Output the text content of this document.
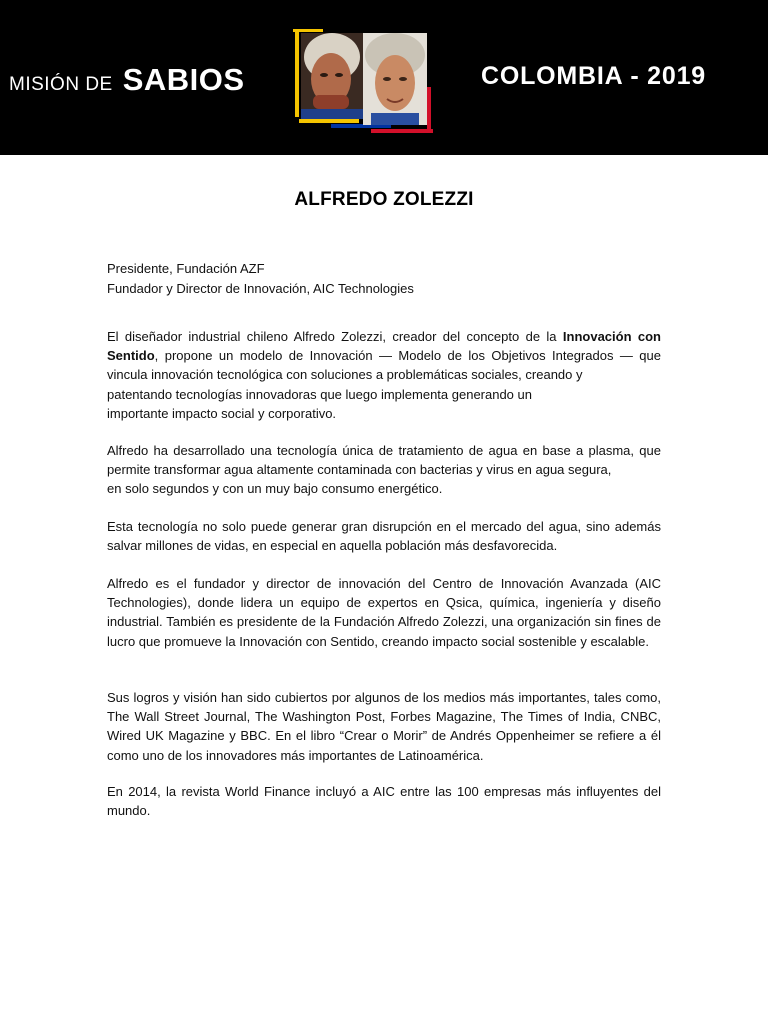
MISIÓN DE SABIOS	COLOMBIA - 2019
ALFREDO ZOLEZZI
Presidente, Fundación AZF
Fundador y Director de Innovación, AIC Technologies

El diseñador industrial chileno Alfredo Zolezzi, creador del concepto de la Innovación con Sentido, propone un modelo de Innovación — Modelo de los Objetivos Integrados — que vincula innovación tecnológica con soluciones a problemáticas sociales, creando y
patentando tecnologías innovadoras que luego implementa generando un
importante impacto social y corporativo.

Alfredo ha desarrollado una tecnología única de tratamiento de agua en base a plasma, que permite transformar agua altamente contaminada con bacterias y virus en agua segura,
en solo segundos y con un muy bajo consumo energético.

Esta tecnología no solo puede generar gran disrupción en el mercado del agua, sino además salvar millones de vidas, en especial en aquella población más desfavorecida.

Alfredo es el fundador y director de innovación del Centro de Innovación Avanzada (AIC Technologies), donde lidera un equipo de expertos en Qsica, química, ingeniería y diseño industrial. También es presidente de la Fundación Alfredo Zolezzi, una organización sin fines de lucro que promueve la Innovación con Sentido, creando impacto social sostenible y escalable.

Sus logros y visión han sido cubiertos por algunos de los medios más importantes, tales como, The Wall Street Journal, The Washington Post, Forbes Magazine, The Times of India, CNBC, Wired UK Magazine y BBC. En el libro “Crear o Morir” de Andrés Oppenheimer se refiere a él como uno de los innovadores más importantes de Latinoamérica.

En 2014, la revista World Finance incluyó a AIC entre las 100 empresas más influyentes del mundo.
